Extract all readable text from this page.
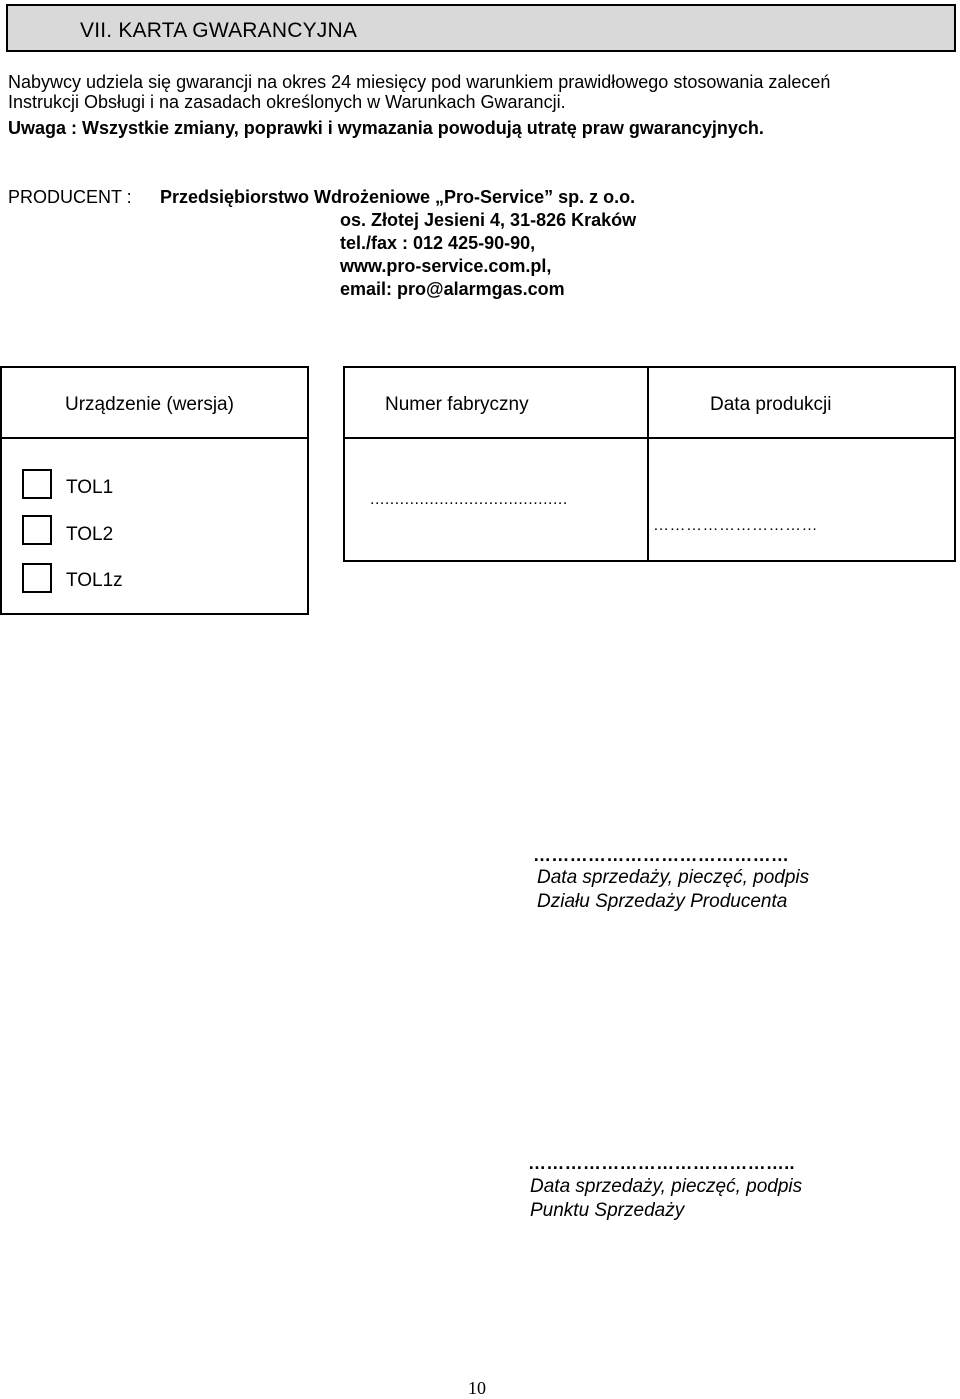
VII. KARTA GWARANCYJNA
Nabywcy udziela się gwarancji na okres 24 miesięcy pod warunkiem prawidłowego stosowania zaleceń
Instrukcji Obsługi i na zasadach określonych w Warunkach Gwarancji.
Uwaga : Wszystkie zmiany, poprawki i wymazania powodują utratę praw gwarancyjnych.
PRODUCENT : Przedsiębiorstwo Wdrożeniowe „Pro-Service” sp. z o.o.
os. Złotej Jesieni 4, 31-826 Kraków
tel./fax : 012 425-90-90,
www.pro-service.com.pl,
email: pro@alarmgas.com
Urządzenie (wersja)	Numer fabryczny	Data produkcji
TOL1
TOL2
TOL1z
........................................
…………………………
……………………………………
Data sprzedaży, pieczęć, podpis
Działu Sprzedaży Producenta
……………………………………..
Data sprzedaży, pieczęć, podpis
Punktu Sprzedaży
10
